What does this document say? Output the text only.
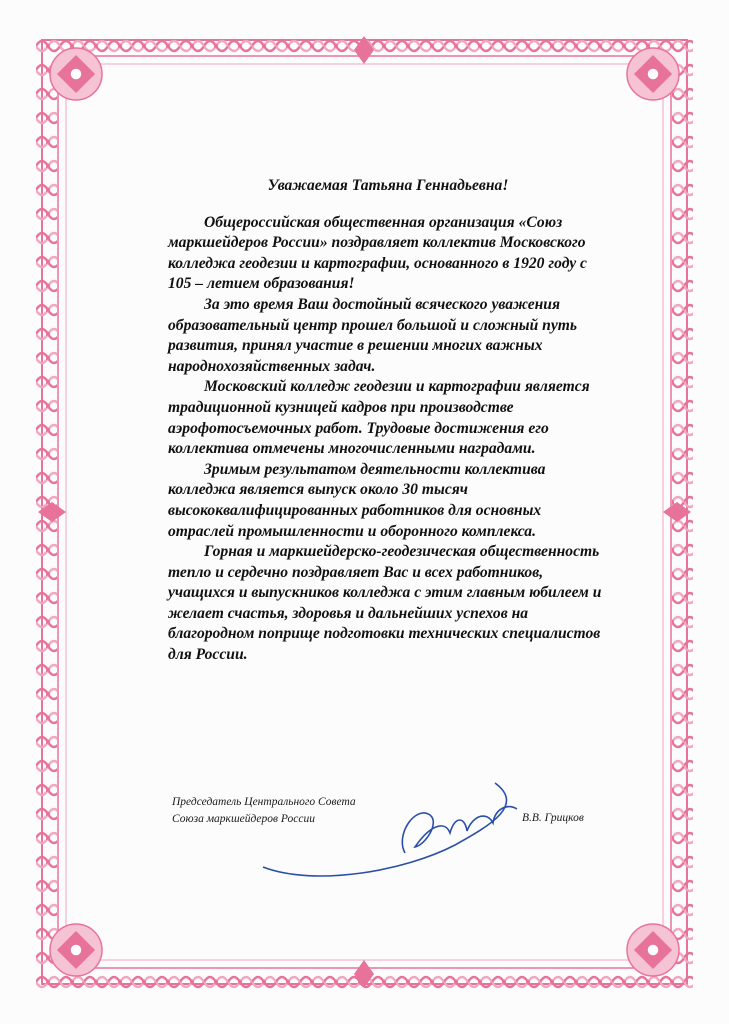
Уважаемая Татьяна Геннадьевна!

Общероссийская общественная организация «Союз маркшейдеров России» поздравляет коллектив Московского колледжа геодезии и картографии, основанного в 1920 году с 105 – летием образования!

За это время Ваш достойный всяческого уважения образовательный центр прошел большой и сложный путь развития, принял участие в решении многих важных народнохозяйственных задач.

Московский колледж геодезии и картографии является традиционной кузницей кадров при производстве аэрофотосъемочных работ. Трудовые достижения его коллектива отмечены многочисленными наградами.

Зримым результатом деятельности коллектива колледжа является выпуск около 30 тысяч высококвалифицированных работников для основных отраслей промышленности и оборонного комплекса.

Горная и маркшейдерско-геодезическая общественность тепло и сердечно поздравляет Вас и всех работников, учащихся и выпускников колледжа с этим главным юбилеем и желает счастья, здоровья и дальнейших успехов на благородном поприще подготовки технических специалистов для России.

Председатель Центрального Совета
Союза маркшейдеров России	В.В. Грицков
